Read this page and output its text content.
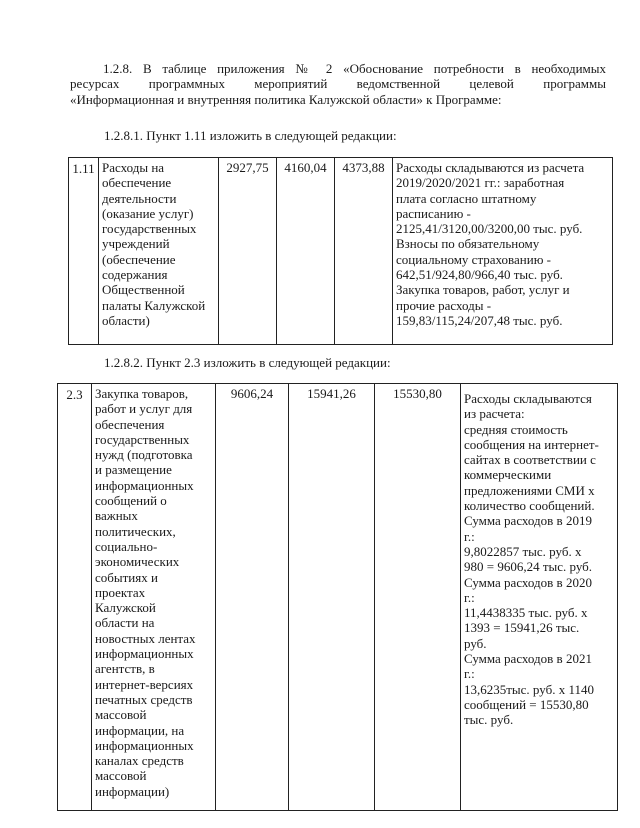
1.2.8. В таблице приложения № 2 «Обоснование потребности в необходимых
ресурсах программных мероприятий ведомственной целевой программы
«Информационная и внутренняя политика Калужской области» к Программе:
1.2.8.1. Пункт 1.11 изложить в следующей редакции:
1.11	Расходы на
обеспечение
деятельности
(оказание услуг)
государственных
учреждений
(обеспечение
содержания
Общественной
палаты Калужской
области)
	2927,75	4160,04	4373,88	Расходы складываются из расчета
2019/2020/2021 гг.: заработная
плата согласно штатному
расписанию -
2125,41/3120,00/3200,00 тыс. руб.
Взносы по обязательному
социальному страхованию -
642,51/924,80/966,40 тыс. руб.
Закупка товаров, работ, услуг и
прочие расходы -
159,83/115,24/207,48 тыс. руб.
1.2.8.2. Пункт 2.3 изложить в следующей редакции:
2.3	Закупка товаров,
работ и услуг для
обеспечения
государственных
нужд (подготовка
и размещение
информационных
сообщений о
важных
политических,
социально-
экономических
событиях и
проектах
Калужской
области на
новостных лентах
информационных
агентств, в
интернет-версиях
печатных средств
массовой
информации, на
информационных
каналах средств
массовой
информации)
	9606,24	15941,26	15530,80	Расходы складываются
из расчета:
средняя стоимость
сообщения на интернет-
сайтах в соответствии с
коммерческими
предложениями СМИ х
количество сообщений.
Сумма расходов в 2019
г.:
9,8022857 тыс. руб. х
980 = 9606,24 тыс. руб.
Сумма расходов в 2020
г.:
11,4438335 тыс. руб. х
1393 = 15941,26 тыс.
руб.
Сумма расходов в 2021
г.:
13,6235тыс. руб. х 1140
сообщений = 15530,80
тыс. руб.
